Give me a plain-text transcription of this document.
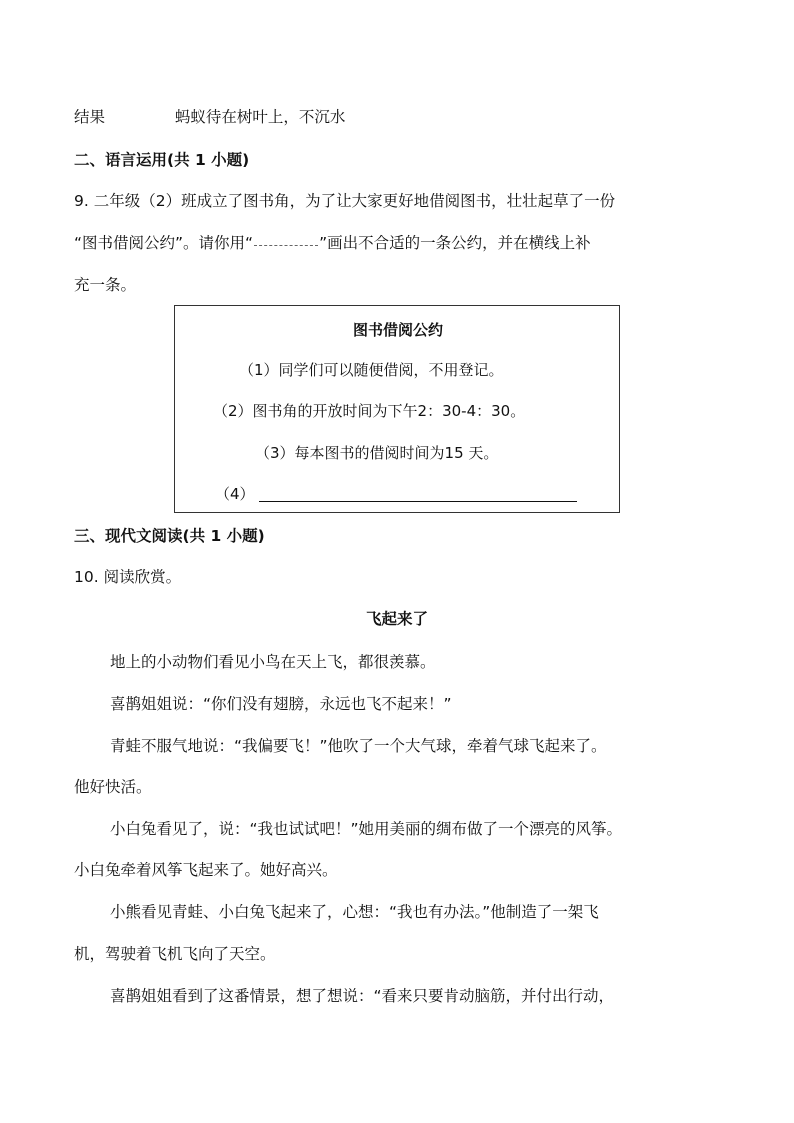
结果	蚂蚁待在树叶上，不沉水
二、语言运用(共 1 小题)
9. 二年级（2）班成立了图书角，为了让大家更好地借阅图书，壮壮起草了一份
“图书借阅公约”。请你用“	”画出不合适的一条公约，并在横线上补
充一条。
图书借阅公约
（1）同学们可以随便借阅，不用登记。
（2）图书角的开放时间为下午2：30-4：30。
（3）每本图书的借阅时间为15 天。
（4）
三、现代文阅读(共 1 小题)
10. 阅读欣赏。
飞起来了
地上的小动物们看见小鸟在天上飞，都很羡慕。
喜鹊姐姐说：“你们没有翅膀，永远也飞不起来！”
青蛙不服气地说：“我偏要飞！”他吹了一个大气球，牵着气球飞起来了。
他好快活。
小白兔看见了，说：“我也试试吧！”她用美丽的绸布做了一个漂亮的风筝。
小白兔牵着风筝飞起来了。她好高兴。
小熊看见青蛙、小白兔飞起来了，心想：“我也有办法。”他制造了一架飞
机，驾驶着飞机飞向了天空。
喜鹊姐姐看到了这番情景，想了想说：“看来只要肯动脑筋，并付出行动，
